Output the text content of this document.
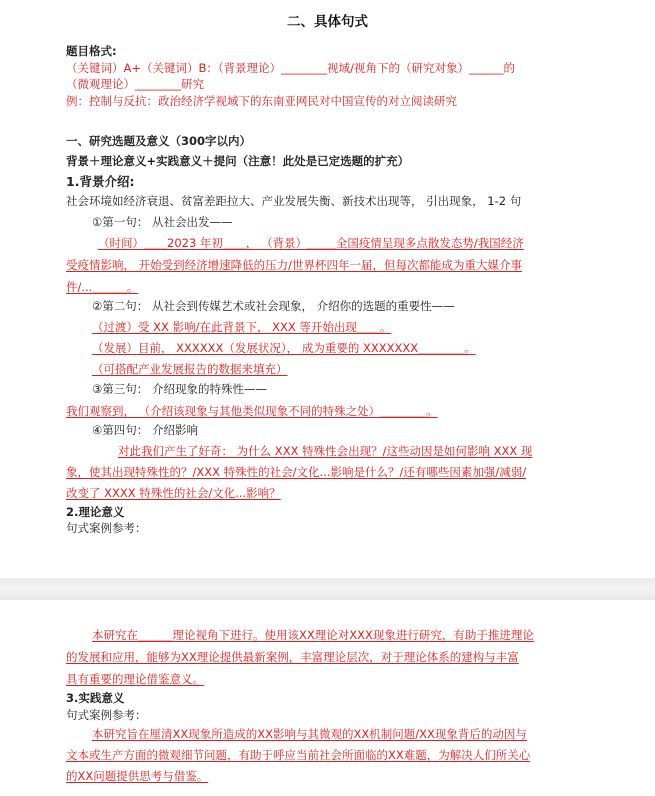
二、具体句式
题目格式:
（关键词）A+（关键词）B：（背景理论）________视域/视角下的（研究对象）______的
（微观理论）________研究
例：控制与反抗：政治经济学视域下的东南亚网民对中国宣传的对立阅读研究
一、研究选题及意义（300字以内）
背景＋理论意义+实践意义＋提问（注意！此处是已定选题的扩充）
1.背景介绍:
社会环境如经济衰退、贫富差距拉大、产业发展失衡、新技术出现等， 引出现象， 1-2 句
①第一句： 从社会出发——
（时间）____2023 年初____， （背景）_____全国疫情呈现多点散发态势/我国经济
受疫情影响， 开始受到经济增速降低的压力/世界杯四年一届，但每次都能成为重大媒介事
件/...______。
②第二句： 从社会到传媒艺术或社会现象， 介绍你的选题的重要性——
（过渡）受 XX 影响/在此背景下， XXX 等开始出现____。
（发展）目前， XXXXXX（发展状况）， 成为重要的 XXXXXXX________。
（可搭配产业发展报告的数据来填充）
③第三句： 介绍现象的特殊性——
我们观察到， （介绍该现象与其他类似现象不同的特殊之处）________。
④第四句： 介绍影响
对此我们产生了好奇： 为什么 XXX 特殊性会出现？/这些动因是如何影响 XXX 现
象，使其出现特殊性的？/XXX 特殊性的社会/文化...影响是什么？/还有哪些因素加强/减弱/
改变了 XXXX 特殊性的社会/文化...影响？
2.理论意义
句式案例参考：
本研究在______理论视角下进行。使用该XX理论对XXX现象进行研究，有助于推进理论
的发展和应用，能够为XX理论提供最新案例，丰富理论层次，对于理论体系的建构与丰富
具有重要的理论借鉴意义。
3.实践意义
句式案例参考：
本研究旨在厘清XX现象所造成的XX影响与其微观的XX机制问题/XX现象背后的动因与
文本或生产方面的微观细节问题，有助于呼应当前社会所面临的XX难题，为解决人们所关心
的XX问题提供思考与借鉴。
